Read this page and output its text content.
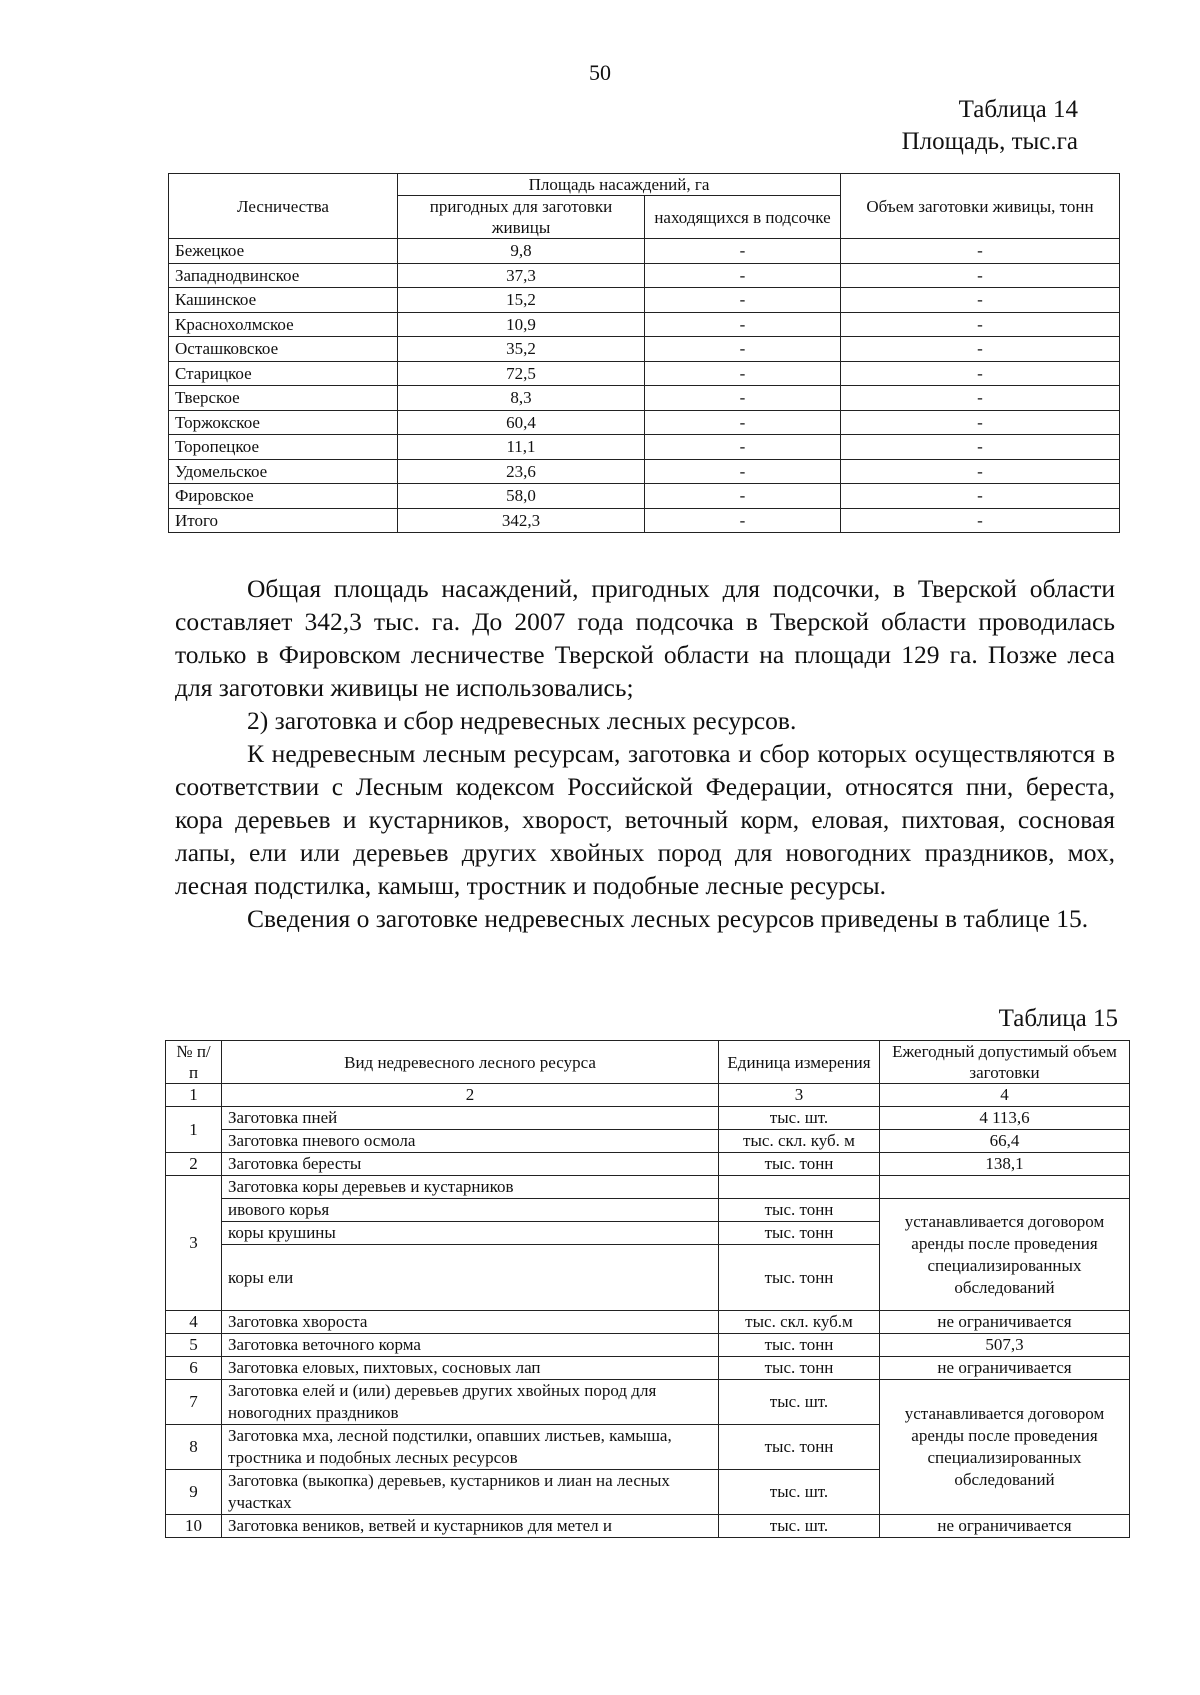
50
Таблица 14
Площадь, тыс.га
Лесничества	Площадь насаждений, га		Объем заготовки живицы, тонн
	пригодных для заготовки живицы	находящихся в подсочке	
Бежецкое	9,8	-	-
Западнодвинское	37,3	-	-
Кашинское	15,2	-	-
Краснохолмское	10,9	-	-
Осташковское	35,2	-	-
Старицкое	72,5	-	-
Тверское	8,3	-	-
Торжокское	60,4	-	-
Торопецкое	11,1	-	-
Удомельское	23,6	-	-
Фировское	58,0	-	-
Итого	342,3	-	-

Общая площадь насаждений, пригодных для подсочки, в Тверской области составляет 342,3 тыс. га. До 2007 года подсочка в Тверской области проводилась только в Фировском лесничестве Тверской области на площади 129 га. Позже леса для заготовки живицы не использовались;

2) заготовка и сбор недревесных лесных ресурсов.

К недревесным лесным ресурсам, заготовка и сбор которых осуществляются в соответствии с Лесным кодексом Российской Федерации, относятся пни, береста, кора деревьев и кустарников, хворост, веточный корм, еловая, пихтовая, сосновая лапы, ели или деревьев других хвойных пород для новогодних праздников, мох, лесная подстилка, камыш, тростник и подобные лесные ресурсы.

Сведения о заготовке недревесных лесных ресурсов приведены в таблице 15.

Таблица 15
№ п/п	Вид недревесного лесного ресурса	Единица измерения	Ежегодный допустимый объем заготовки
1	2	3	4
1	Заготовка пней	тыс. шт.	4 113,6
	Заготовка пневого осмола	тыс. скл. куб. м	66,4
2	Заготовка бересты	тыс. тонн	138,1
3	Заготовка коры деревьев и кустарников		
	ивового корья	тыс. тонн	устанавливается договором аренды после проведения специализированных обследований
	коры крушины	тыс. тонн	
	коры ели	тыс. тонн	
4	Заготовка хвороста	тыс. скл. куб.м	не ограничивается
5	Заготовка веточного корма	тыс. тонн	507,3
6	Заготовка еловых, пихтовых, сосновых лап	тыс. тонн	не ограничивается
7	Заготовка елей и (или) деревьев других хвойных пород для новогодних праздников	тыс. шт.	устанавливается договором аренды после проведения специализированных обследований
8	Заготовка мха, лесной подстилки, опавших листьев, камыша, тростника и подобных лесных ресурсов	тыс. тонн	
9	Заготовка (выкопка) деревьев, кустарников и лиан на лесных участках	тыс. шт.	
10	Заготовка веников, ветвей и кустарников для метел и	тыс. шт.	не ограничивается
